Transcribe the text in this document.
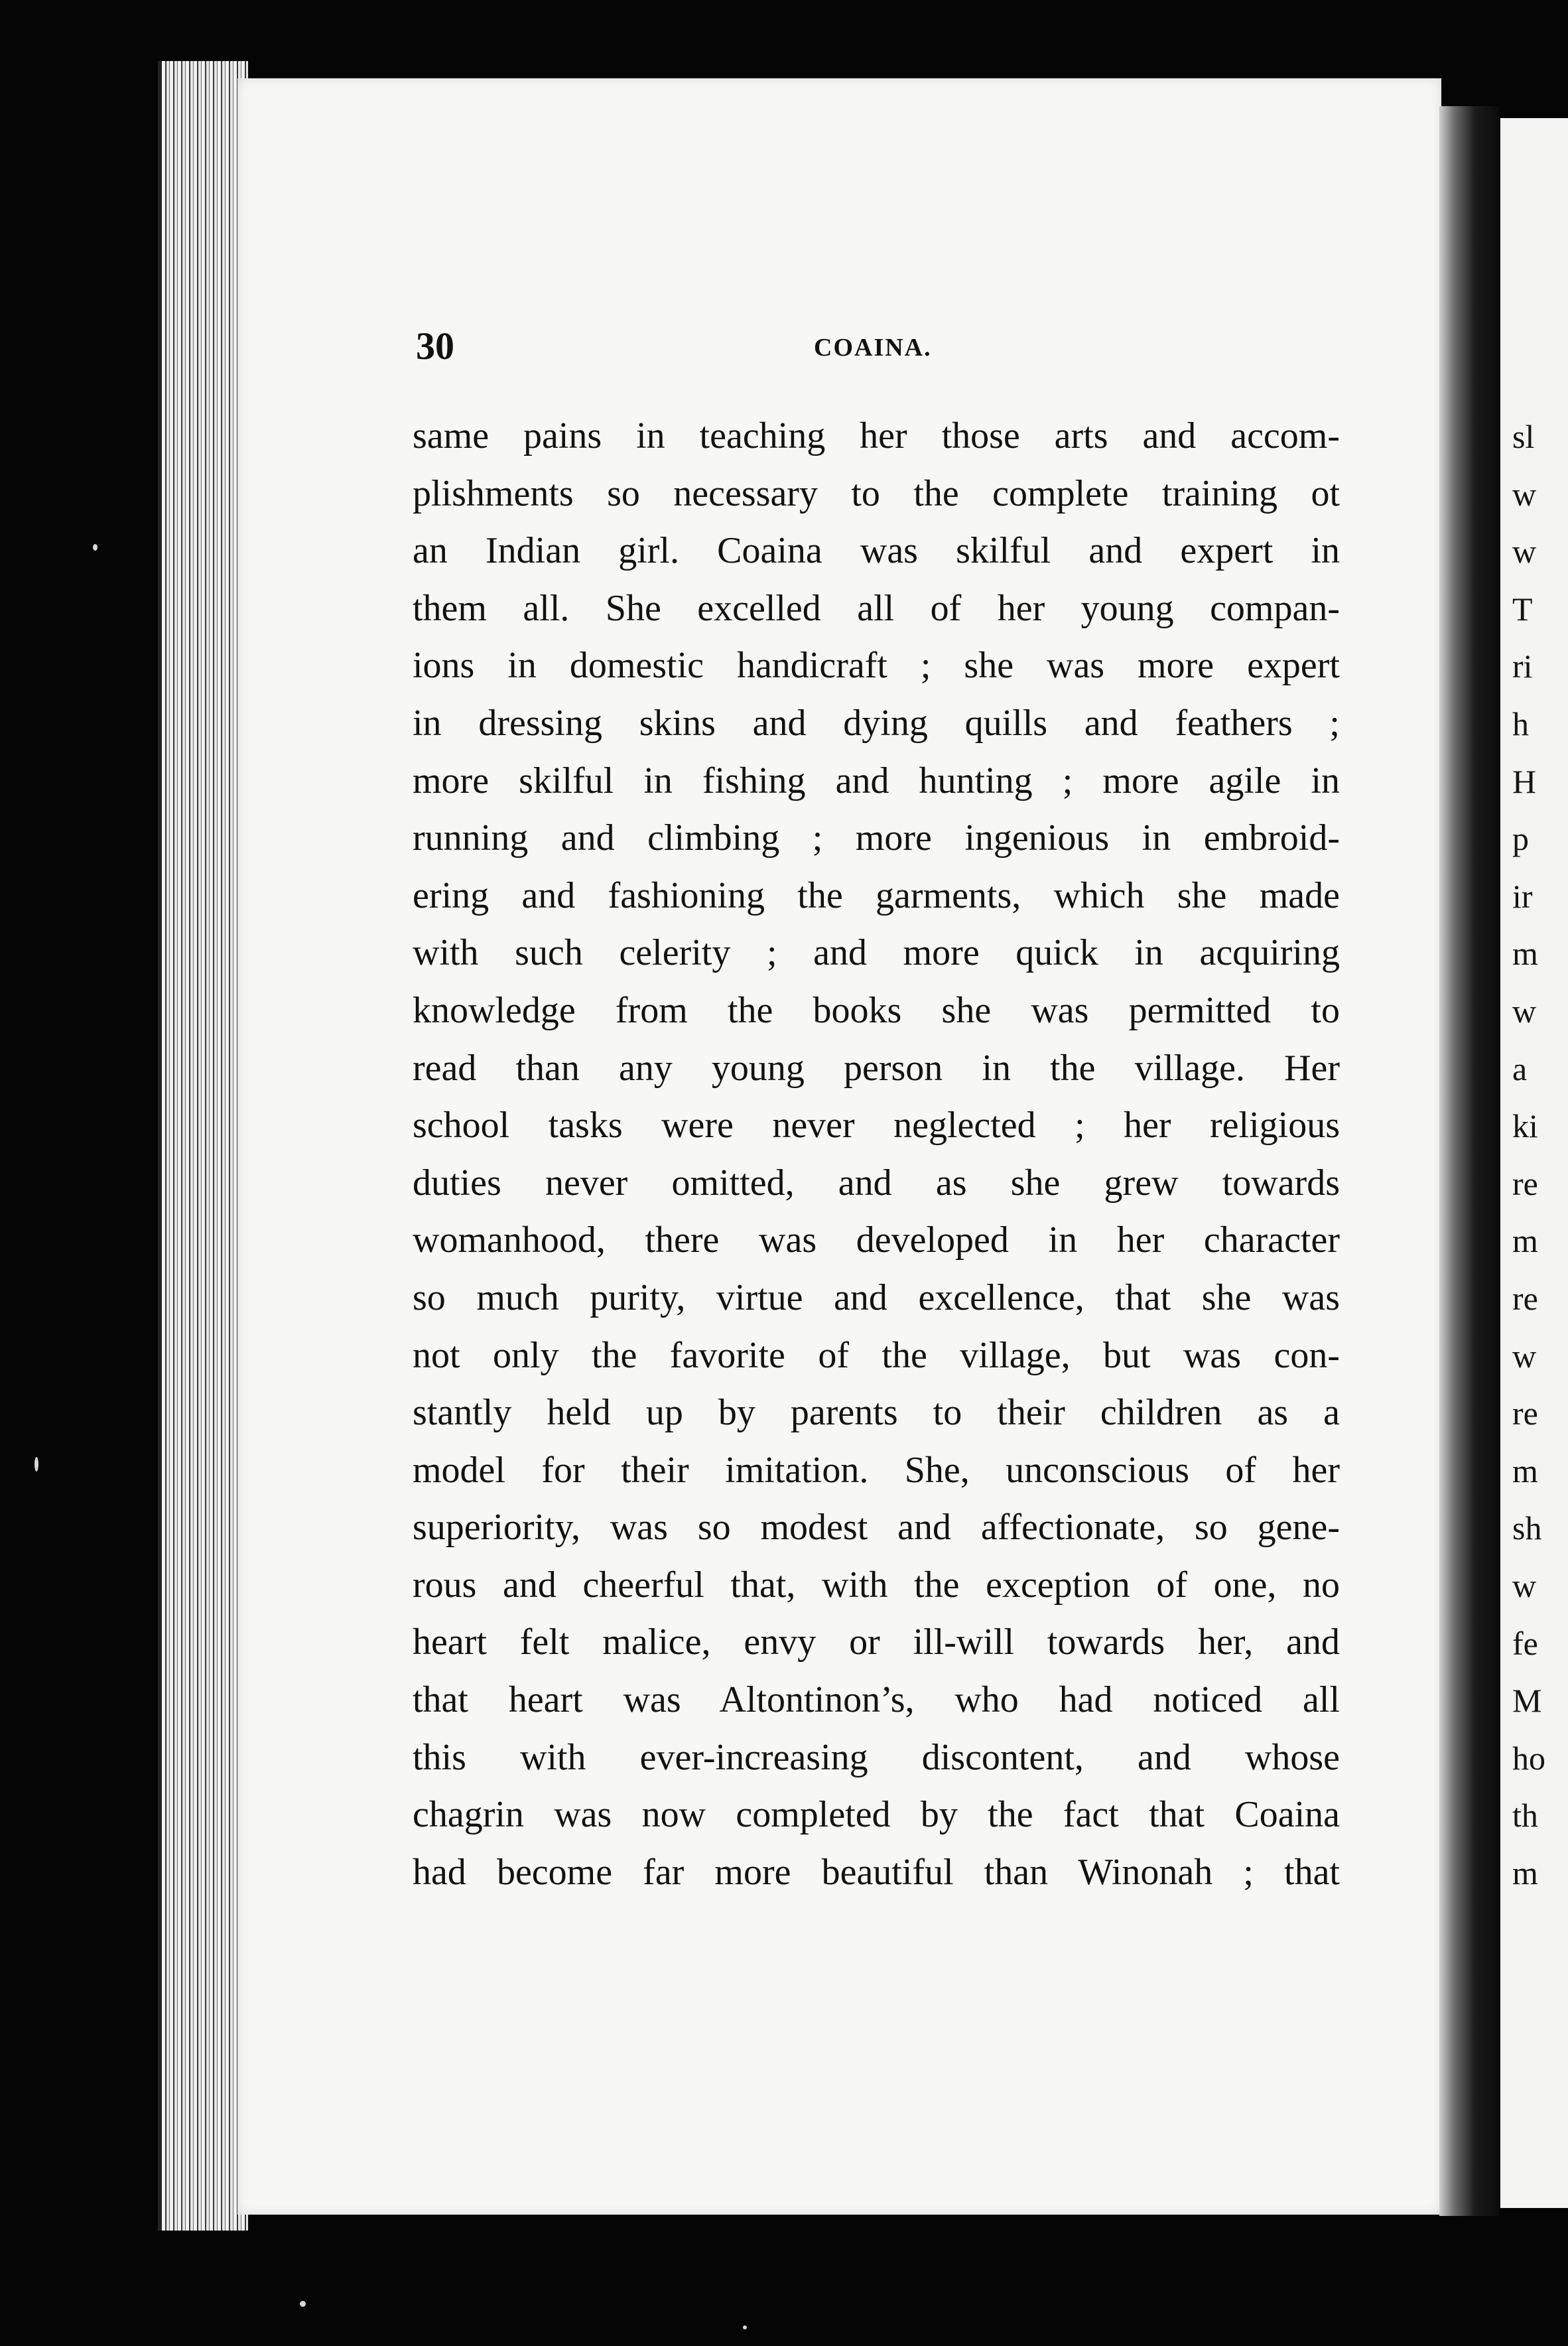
30	COAINA.
same pains in teaching her those arts and accom-
plishments so necessary to the complete training ot
an Indian girl. Coaina was skilful and expert in
them all. She excelled all of her young compan-
ions in domestic handicraft ; she was more expert
in dressing skins and dying quills and feathers ;
more skilful in fishing and hunting ; more agile in
running and climbing ; more ingenious in embroid-
ering and fashioning the garments, which she made
with such celerity ; and more quick in acquiring
knowledge from the books she was permitted to
read than any young person in the village. Her
school tasks were never neglected ; her religious
duties never omitted, and as she grew towards
womanhood, there was developed in her character
so much purity, virtue and excellence, that she was
not only the favorite of the village, but was con-
stantly held up by parents to their children as a
model for their imitation. She, unconscious of her
superiority, was so modest and affectionate, so gene-
rous and cheerful that, with the exception of one, no
heart felt malice, envy or ill-will towards her, and
that heart was Altontinon’s, who had noticed all
this with ever-increasing discontent, and whose
chagrin was now completed by the fact that Coaina
had become far more beautiful than Winonah ; that
sl
w
w
T
ri
h
H
p
ir
m
w
a
ki
re
m
re
w
re
m
sh
w
fe
M
ho
th
m
